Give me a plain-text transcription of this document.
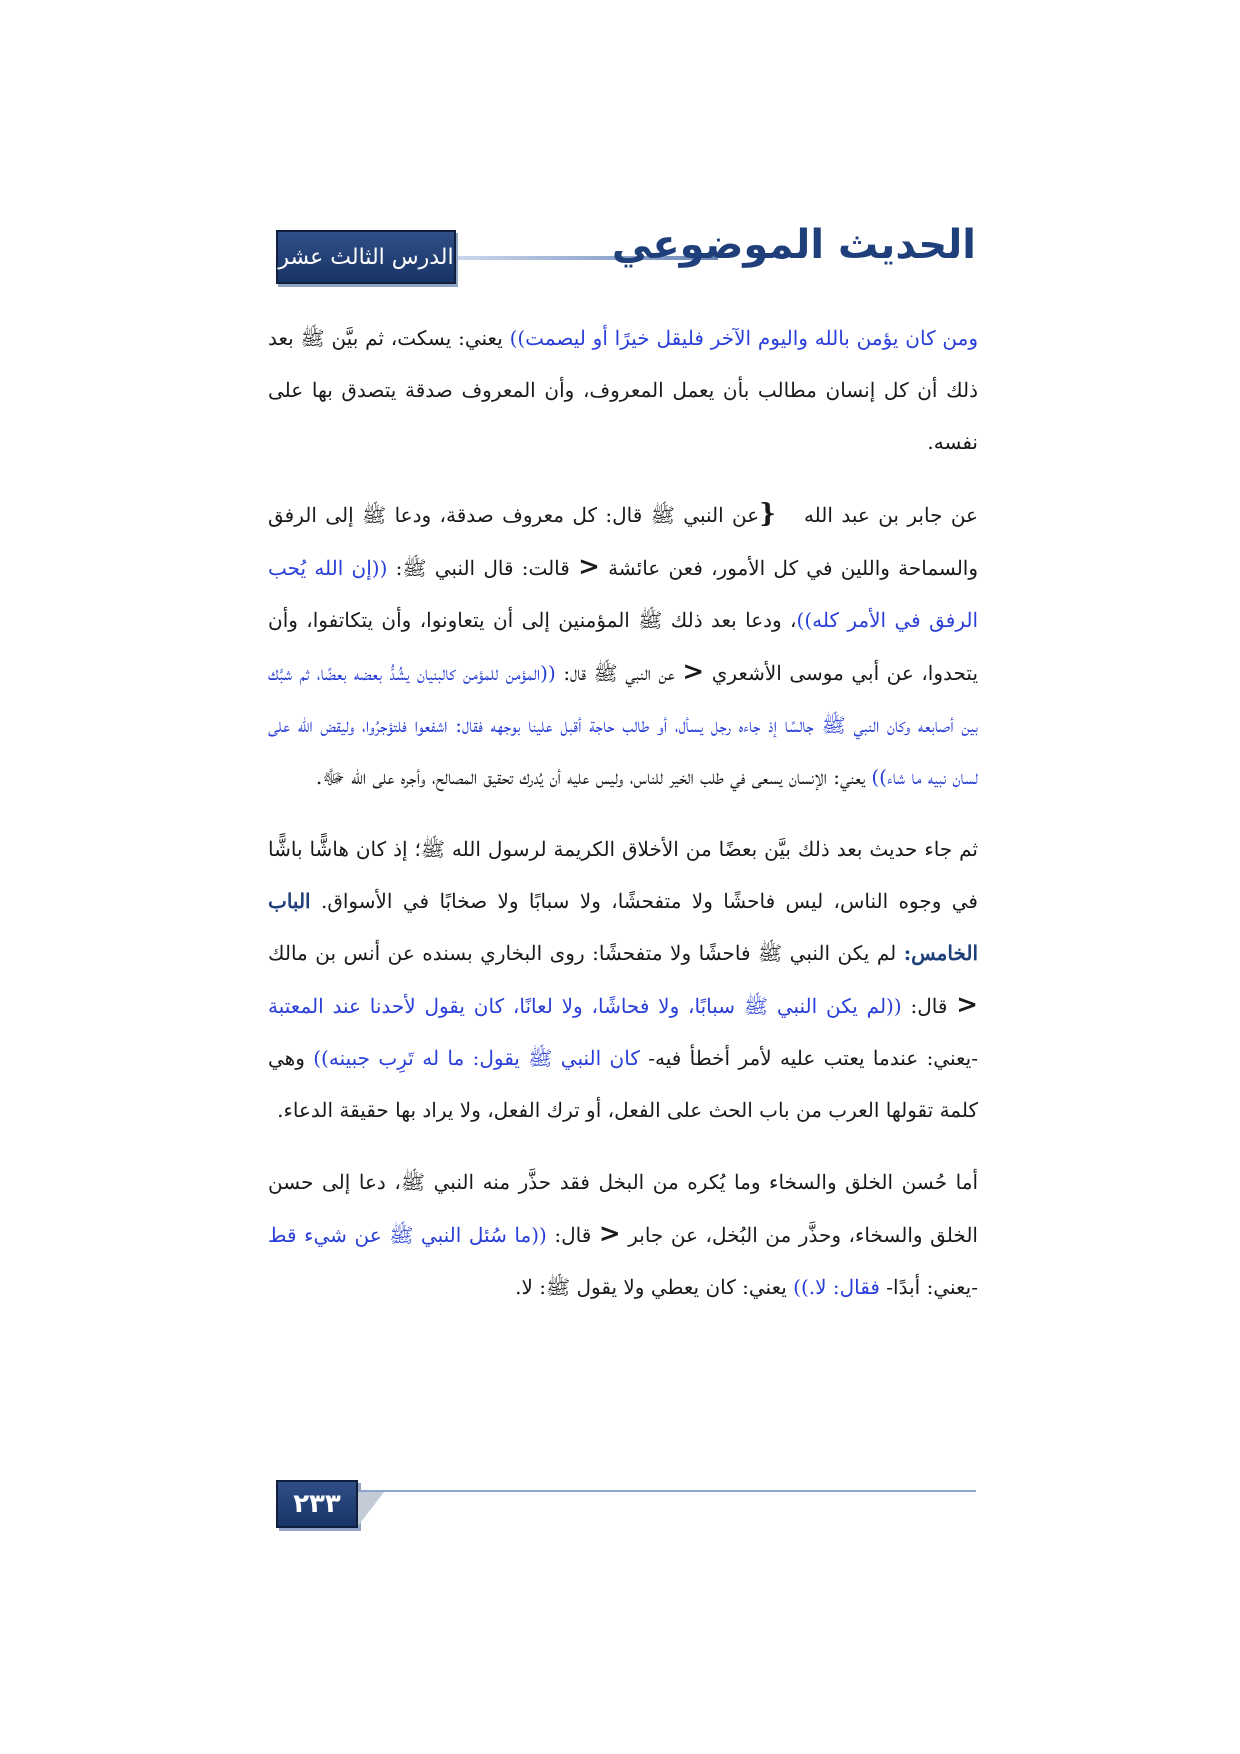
الدرس الثالث عشر	الحديث الموضوعي

ومن كان يؤمن بالله واليوم الآخر فليقل خيرًا أو ليصمت)) يعني: يسكت، ثم بيَّن ﷺ بعد ذلك أن كل إنسان مطالب بأن يعمل المعروف، وأن المعروف صدقة يتصدق بها على نفسه.

عن جابر بن عبد الله{عن النبي ﷺ قال: كل معروف صدقة، ودعا ﷺ إلى الرفق والسماحة واللين في كل الأمور، فعن عائشة < قالت: قال النبي ﷺ: ((إن الله يُحب الرفق في الأمر كله))، ودعا بعد ذلك ﷺ المؤمنين إلى أن يتعاونوا، وأن يتكاتفوا، وأن يتحدوا، عن أبي موسى الأشعري < عن النبي ﷺ قال: ((المؤمن للمؤمن كالبنيان يشُدُّ بعضه بعضًا، ثم شبَّك بين أصابعه وكان النبي ﷺ جالسًا إذ جاءه رجل يسأل، أو طالب حاجة أقبل علينا بوجهه فقال: اشفعوا فلتؤجرُوا، وليقض الله على لسان نبيه ما شاء)) يعني: الإنسان يسعى في طلب الخير للناس، وليس عليه أن يُدرك تحقيق المصالح، وأجره على الله ﷻ.

ثم جاء حديث بعد ذلك بيَّن بعضًا من الأخلاق الكريمة لرسول الله ﷺ؛ إذ كان هاشًّا باشًّا في وجوه الناس، ليس فاحشًا ولا متفحشًا، ولا سبابًا ولا صخابًا في الأسواق. الباب الخامس: لم يكن النبي ﷺ فاحشًا ولا متفحشًا: روى البخاري بسنده عن أنس بن مالك < قال: ((لم يكن النبي ﷺ سبابًا، ولا فحاشًا، ولا لعانًا، كان يقول لأحدنا عند المعتبة -يعني: عندما يعتب عليه لأمر أخطأ فيه- كان النبي ﷺ يقول: ما له تَرِب جبينه)) وهي كلمة تقولها العرب من باب الحث على الفعل، أو ترك الفعل، ولا يراد بها حقيقة الدعاء.

أما حُسن الخلق والسخاء وما يُكره من البخل فقد حذَّر منه النبي ﷺ، دعا إلى حسن الخلق والسخاء، وحذَّر من البُخل، عن جابر < قال: ((ما سُئل النبي ﷺ عن شيء قط -يعني: أبدًا- فقال: لا.)) يعني: كان يعطي ولا يقول ﷺ: لا.

٢٣٣
